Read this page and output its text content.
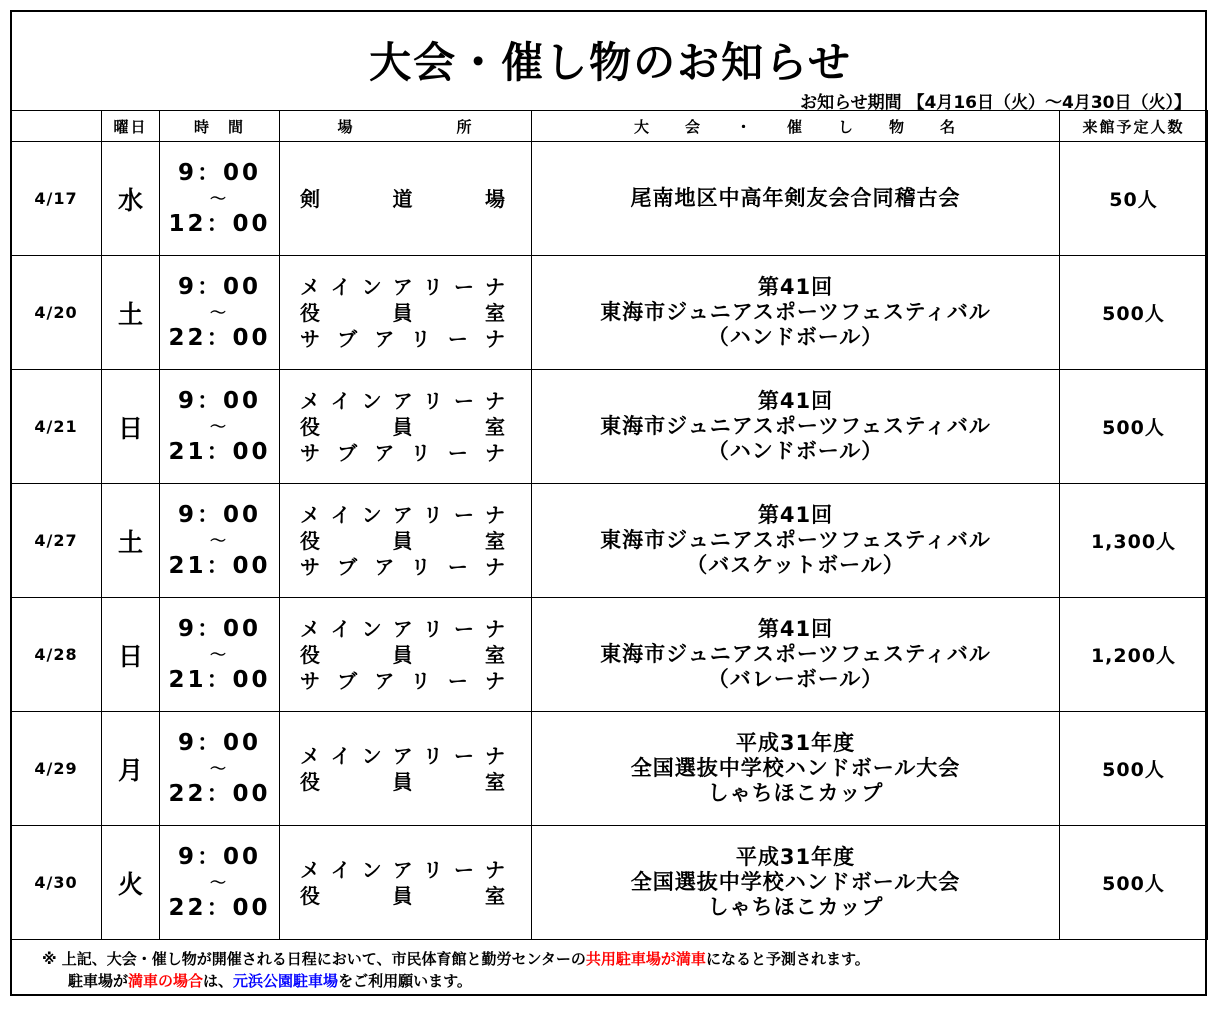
大会・催し物のお知らせ
お知らせ期間 【4月16日（火）～4月30日（火）】
	曜日	時　間	場　　　　　　所	大　　会　　・　　催　　し　　物　　名	来館予定人数
4/17	水	9：00
〜
12：00	剣道場	尾南地区中高年剣友会合同稽古会	50人
4/20	土	9：00
〜
22：00	メインアリーナ
役員室
サブアリーナ	第41回
東海市ジュニアスポーツフェスティバル
（ハンドボール）	500人
4/21	日	9：00
〜
21：00	メインアリーナ
役員室
サブアリーナ	第41回
東海市ジュニアスポーツフェスティバル
（ハンドボール）	500人
4/27	土	9：00
〜
21：00	メインアリーナ
役員室
サブアリーナ	第41回
東海市ジュニアスポーツフェスティバル
（バスケットボール）	1,300人
4/28	日	9：00
〜
21：00	メインアリーナ
役員室
サブアリーナ	第41回
東海市ジュニアスポーツフェスティバル
（バレーボール）	1,200人
4/29	月	9：00
〜
22：00	メインアリーナ
役員室	平成31年度
全国選抜中学校ハンドボール大会
しゃちほこカップ	500人
4/30	火	9：00
〜
22：00	メインアリーナ
役員室	平成31年度
全国選抜中学校ハンドボール大会
しゃちほこカップ	500人
※ 上記、大会・催し物が開催される日程において、市民体育館と勤労センターの共用駐車場が満車になると予測されます。
駐車場が満車の場合は、元浜公園駐車場をご利用願います。
